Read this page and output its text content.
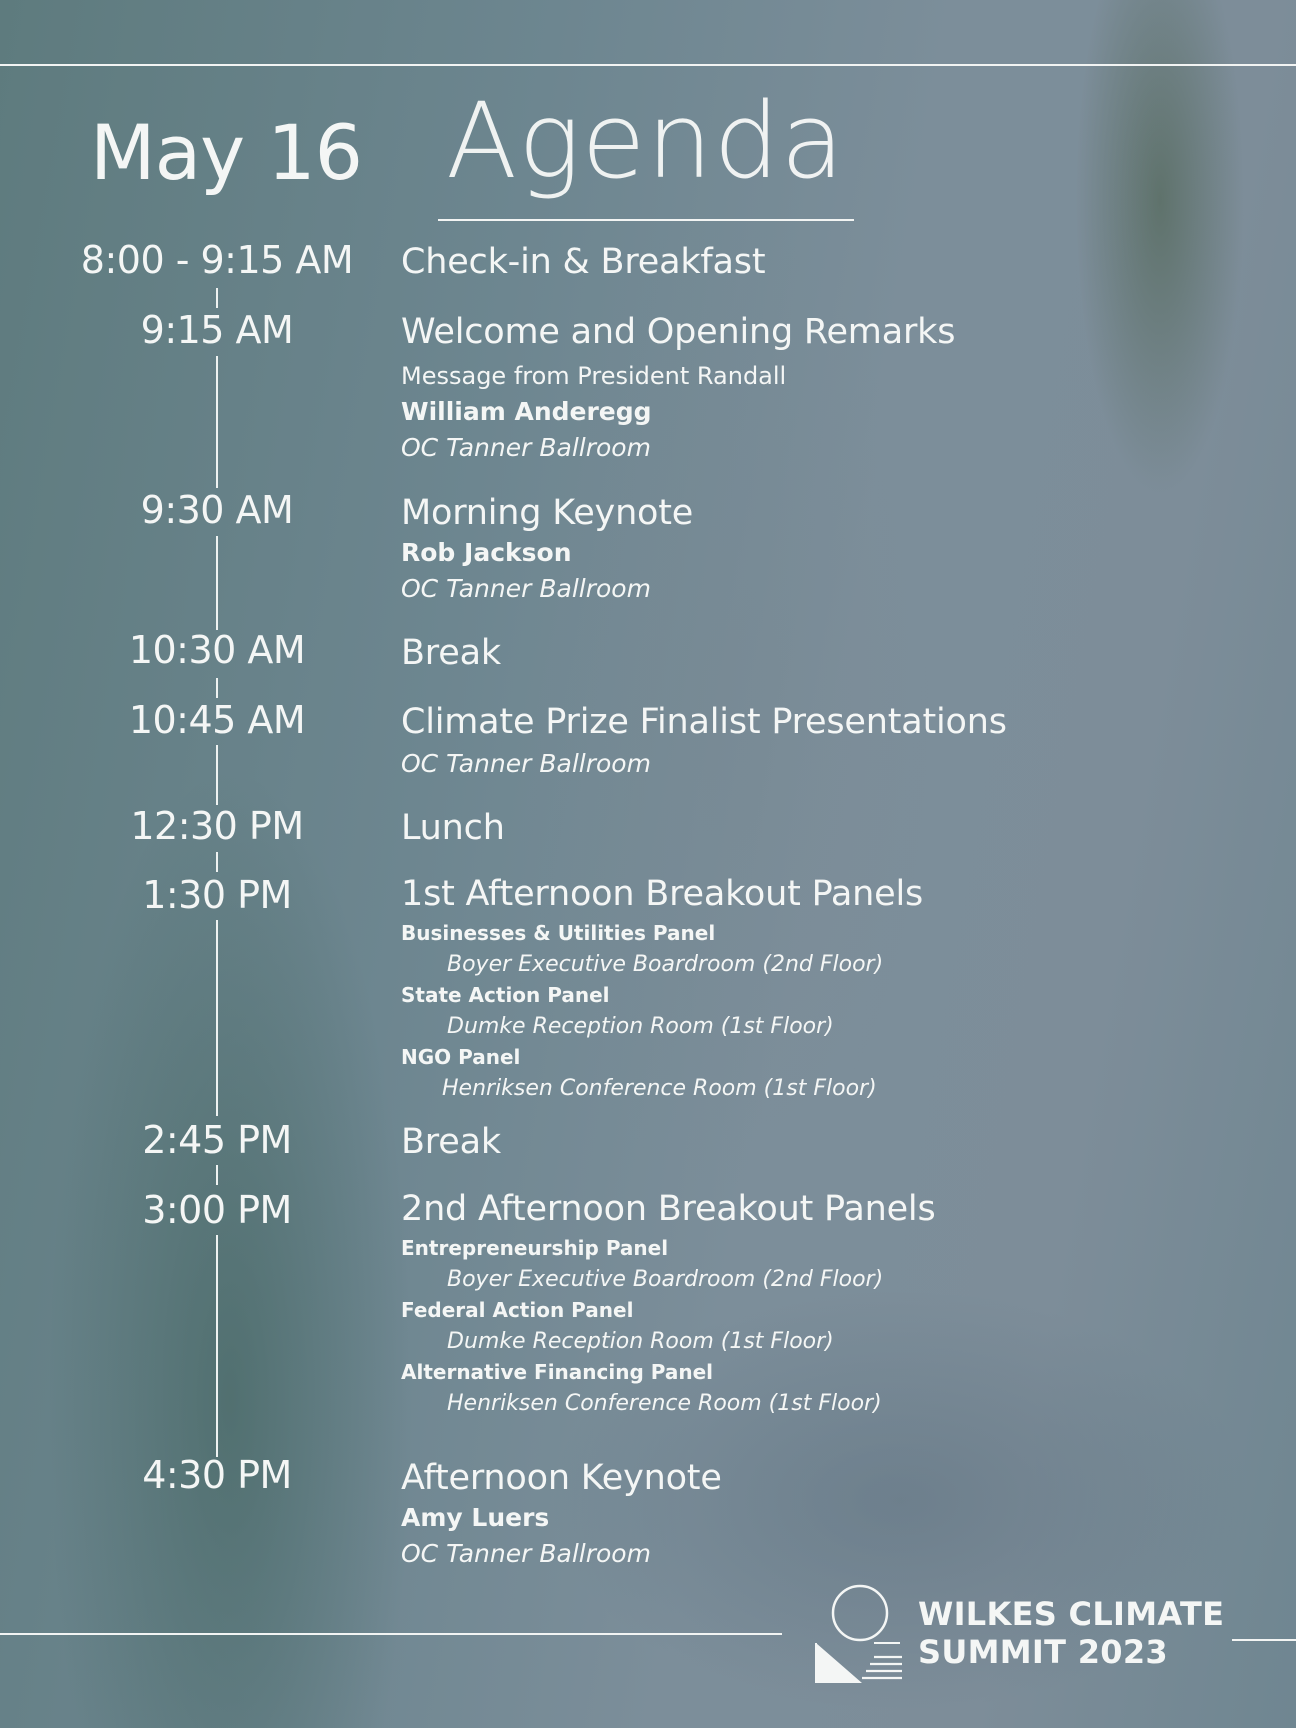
May 16 Agenda
8:00 - 9:15 AM	Check-in & Breakfast
9:15 AM	Welcome and Opening Remarks
Message from President Randall
William Anderegg
OC Tanner Ballroom
9:30 AM	Morning Keynote
Rob Jackson
OC Tanner Ballroom
10:30 AM	Break
10:45 AM	Climate Prize Finalist Presentations
OC Tanner Ballroom
12:30 PM	Lunch
1:30 PM	1st Afternoon Breakout Panels
Businesses & Utilities Panel
Boyer Executive Boardroom (2nd Floor)
State Action Panel
Dumke Reception Room (1st Floor)
NGO Panel
Henriksen Conference Room (1st Floor)
2:45 PM	Break
3:00 PM	2nd Afternoon Breakout Panels
Entrepreneurship Panel
Boyer Executive Boardroom (2nd Floor)
Federal Action Panel
Dumke Reception Room (1st Floor)
Alternative Financing Panel
Henriksen Conference Room (1st Floor)
4:30 PM	Afternoon Keynote
Amy Luers
OC Tanner Ballroom
WILKES CLIMATE
SUMMIT 2023
